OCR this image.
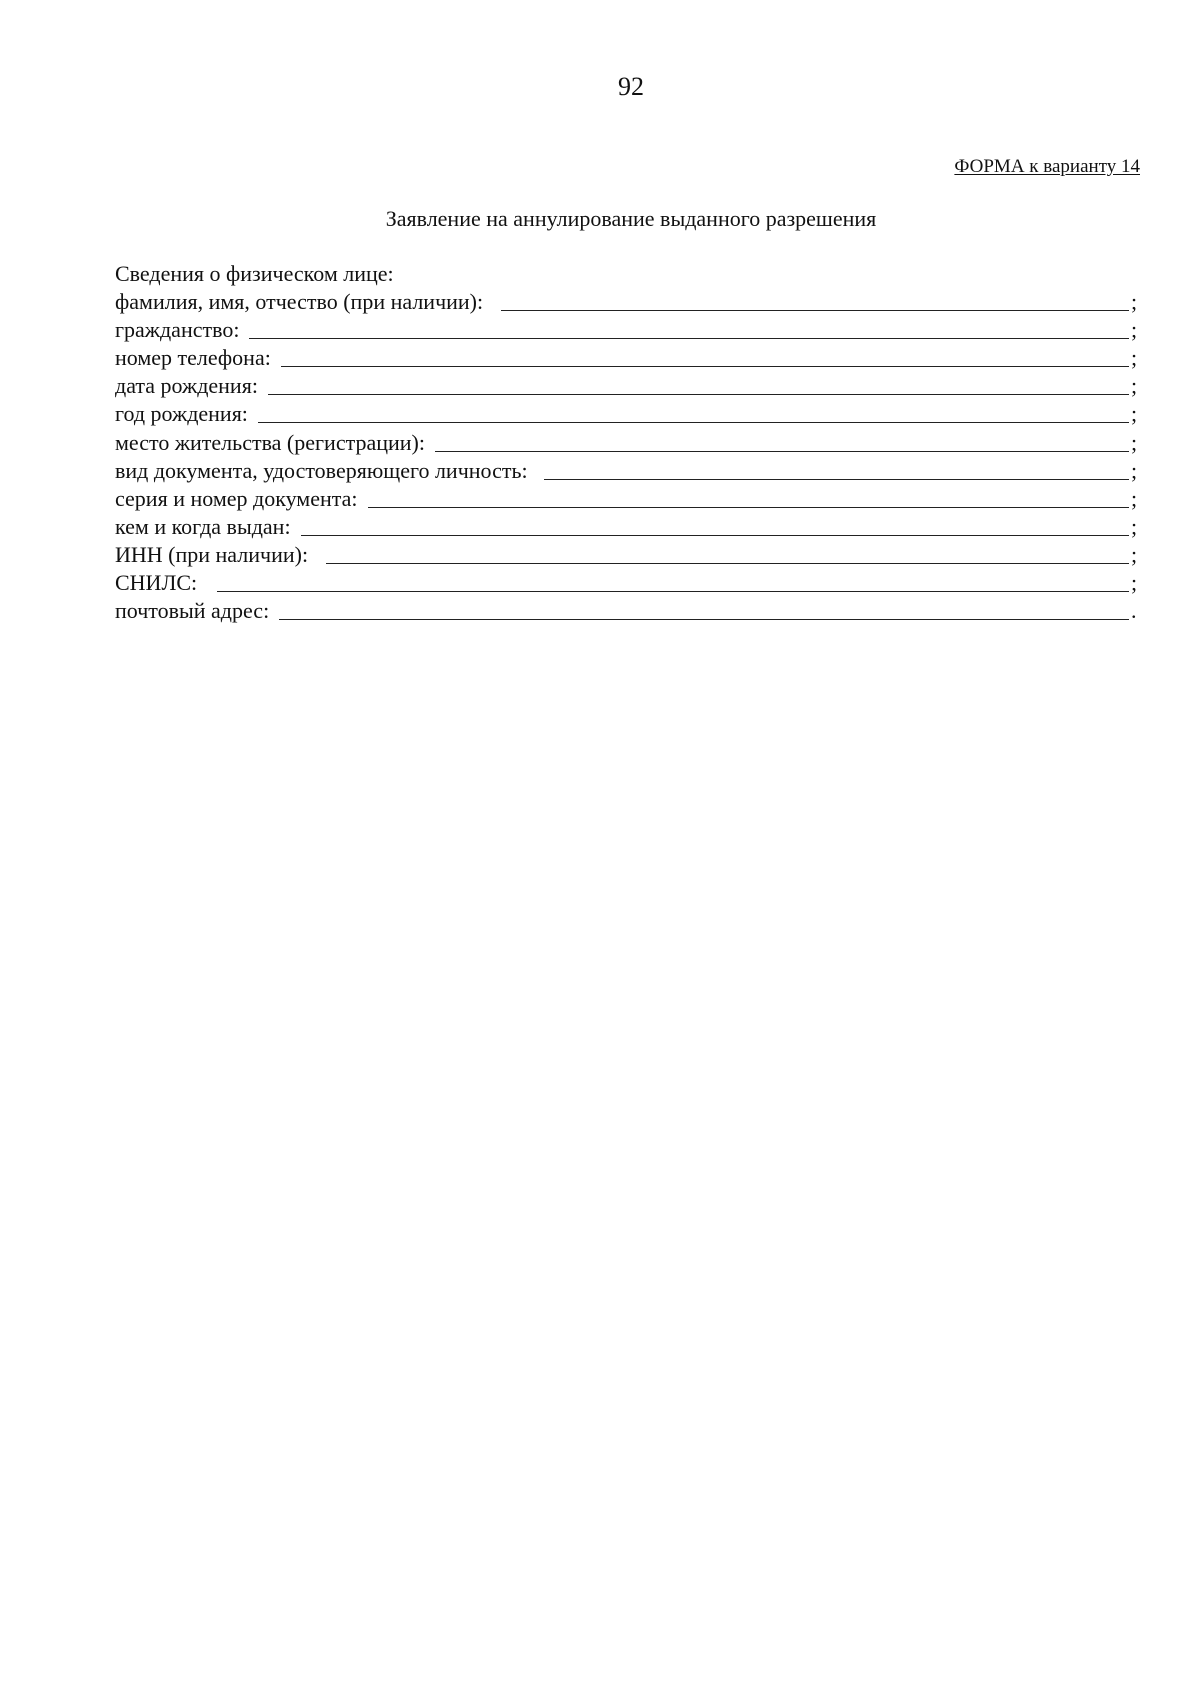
92
ФОРМА к варианту 14
Заявление на аннулирование выданного разрешения
Сведения о физическом лице:
фамилия, имя, отчество (при наличии):	;
гражданство:	;
номер телефона:	;
дата рождения:	;
год рождения:	;
место жительства (регистрации):	;
вид документа, удостоверяющего личность:	;
серия и номер документа:	;
кем и когда выдан:	;
ИНН (при наличии):	;
СНИЛС:	;
почтовый адрес:	.
